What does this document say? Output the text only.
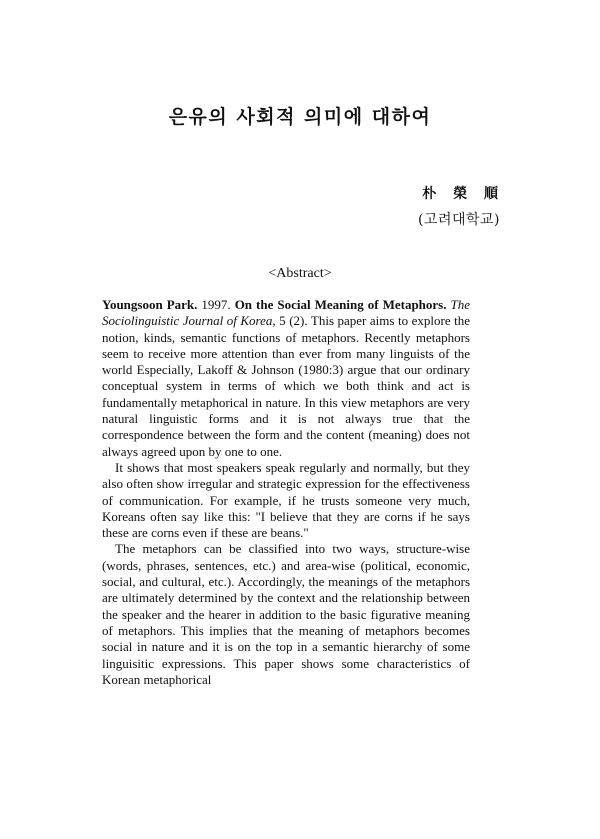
은유의 사회적 의미에 대하여
朴 榮 順
(고려대학교)
<Abstract>

Youngsoon Park. 1997. On the Social Meaning of Metaphors. The Sociolinguistic Journal of Korea, 5 (2). This paper aims to explore the notion, kinds, semantic functions of metaphors. Recently metaphors seem to receive more attention than ever from many linguists of the world Especially, Lakoff & Johnson (1980:3) argue that our ordinary conceptual system in terms of which we both think and act is fundamentally metaphorical in nature. In this view metaphors are very natural linguistic forms and it is not always true that the correspondence between the form and the content (meaning) does not always agreed upon by one to one.

It shows that most speakers speak regularly and normally, but they also often show irregular and strategic expression for the effectiveness of communication. For example, if he trusts someone very much, Koreans often say like this: "I believe that they are corns if he says these are corns even if these are beans."

The metaphors can be classified into two ways, structure-wise (words, phrases, sentences, etc.) and area-wise (political, economic, social, and cultural, etc.). Accordingly, the meanings of the metaphors are ultimately determined by the context and the relationship between the speaker and the hearer in addition to the basic figurative meaning of metaphors. This implies that the meaning of metaphors becomes social in nature and it is on the top in a semantic hierarchy of some linguisitic expressions. This paper shows some characteristics of Korean metaphorical
